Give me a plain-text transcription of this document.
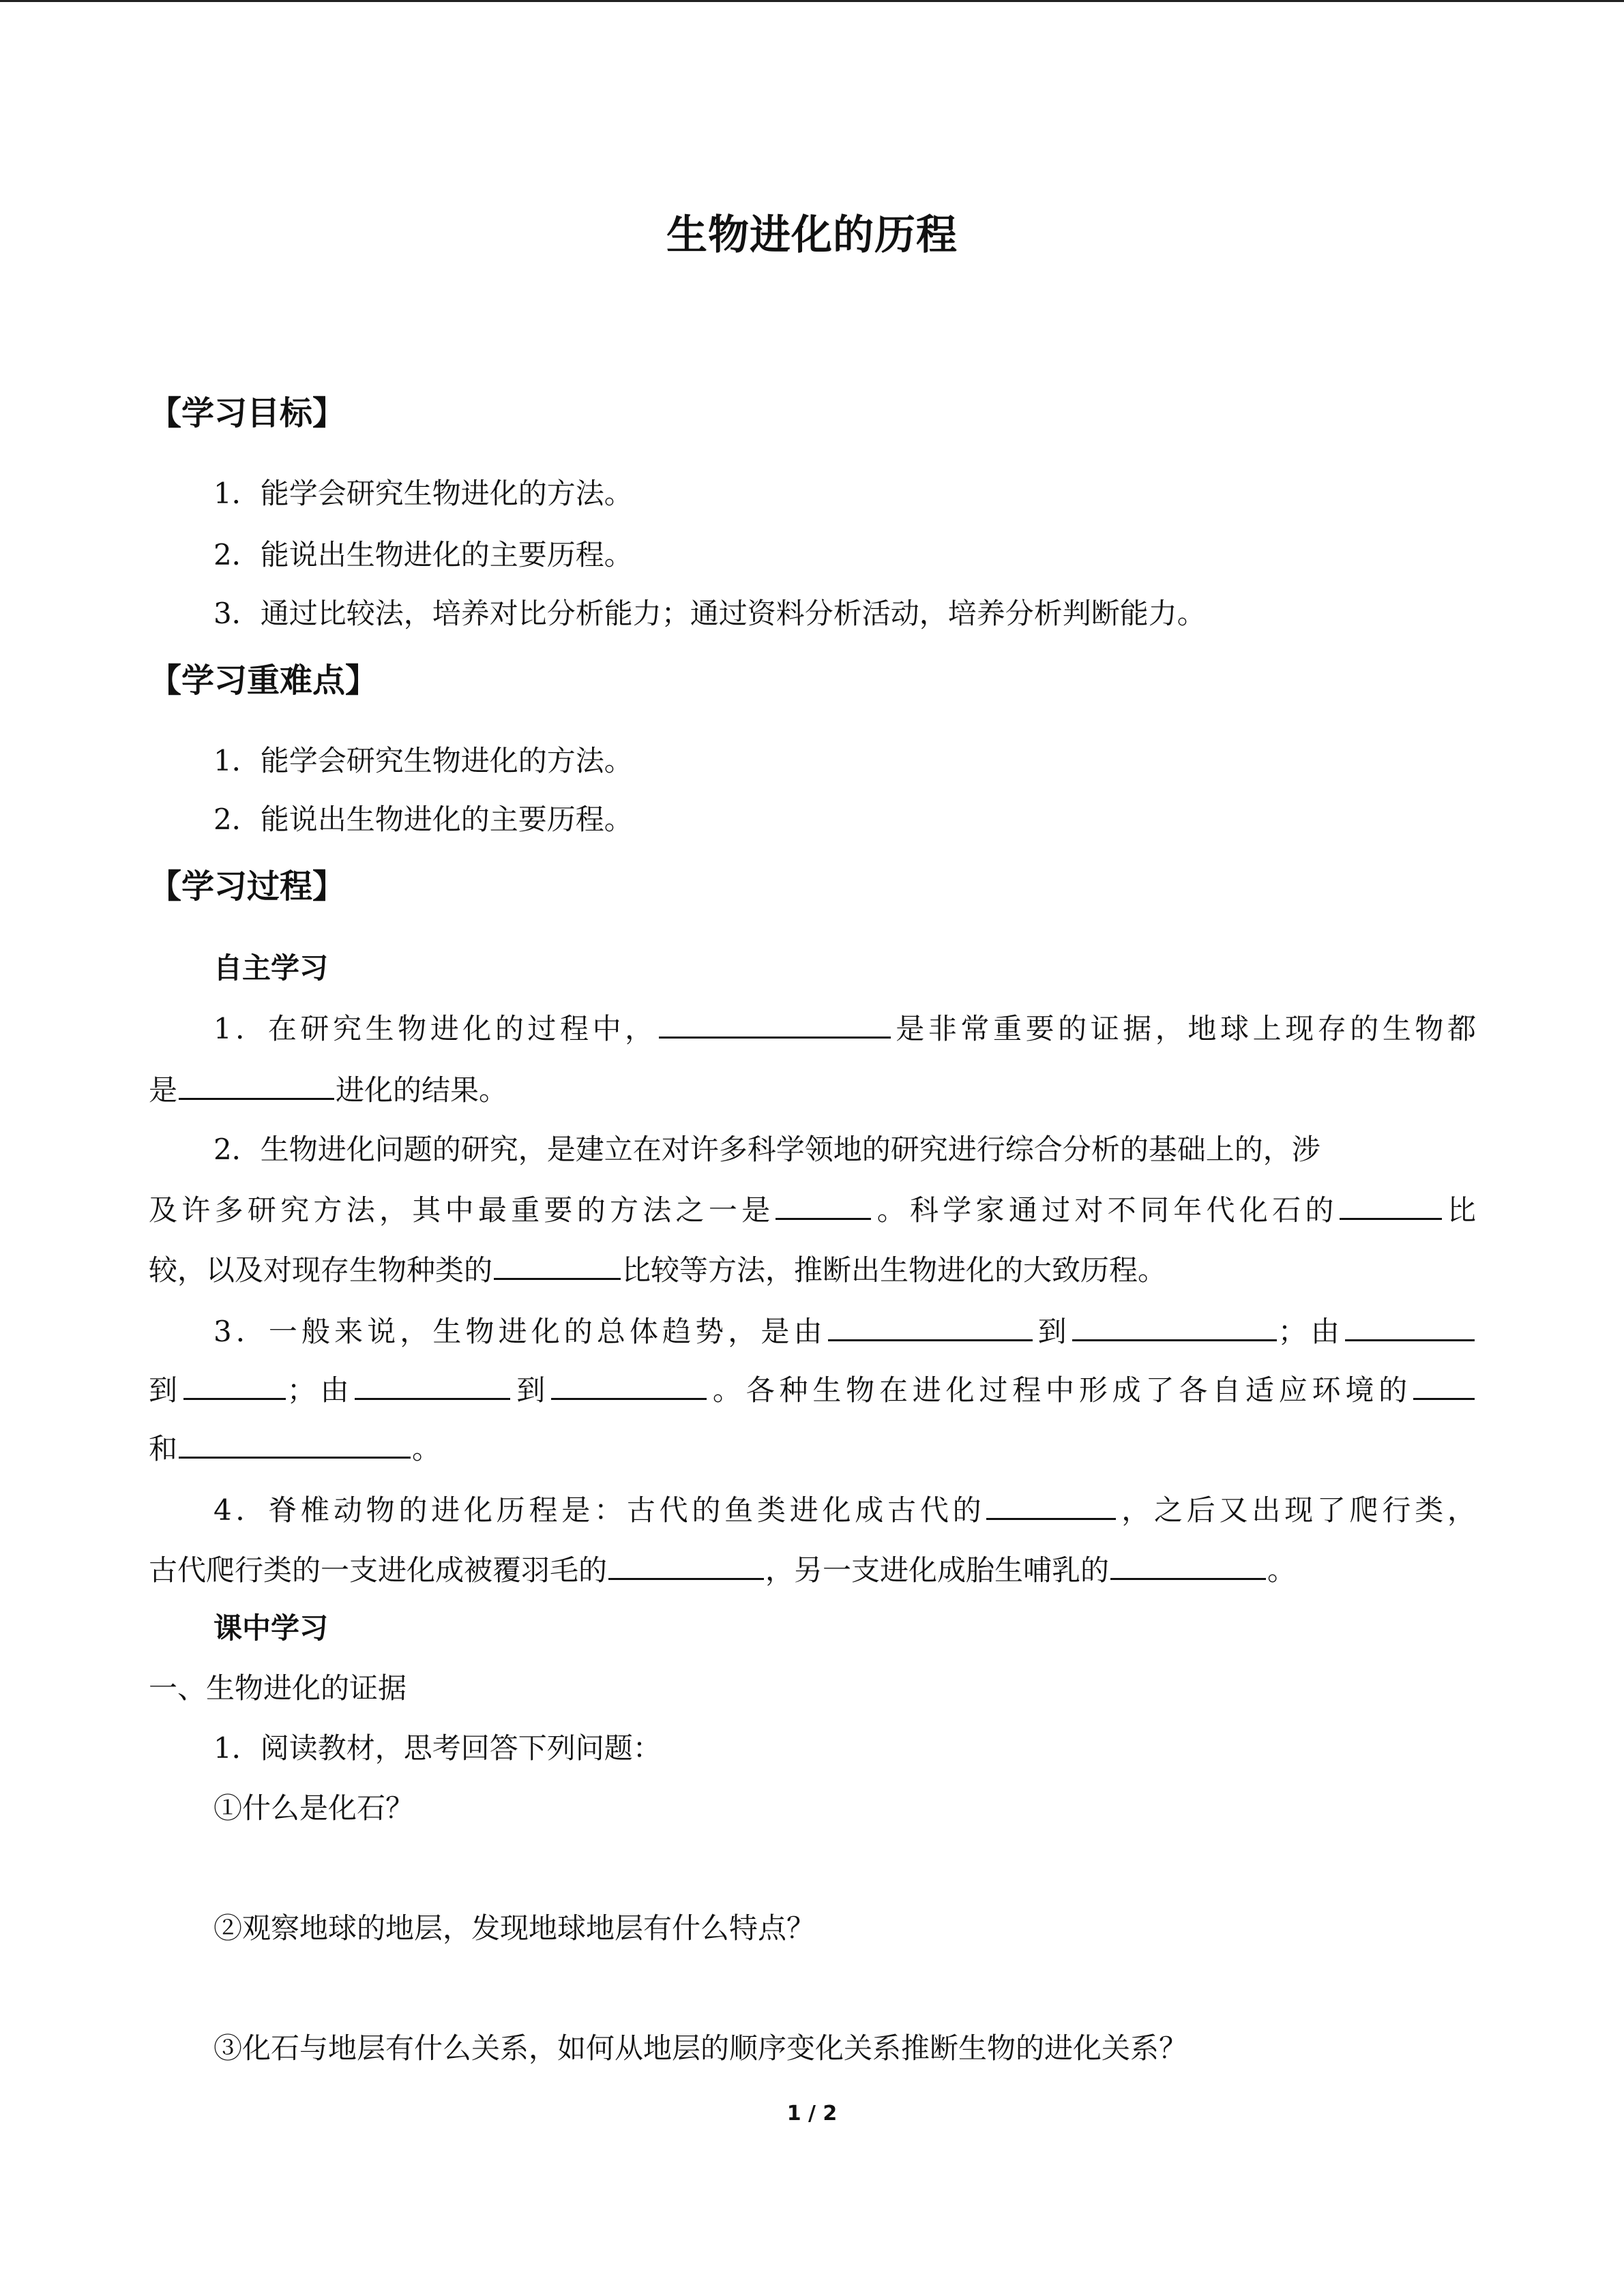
生物进化的历程
【学习目标】
1．能学会研究生物进化的方法。
2．能说出生物进化的主要历程。
3．通过比较法，培养对比分析能力；通过资料分析活动，培养分析判断能力。
【学习重难点】
1．能学会研究生物进化的方法。
2．能说出生物进化的主要历程。
【学习过程】
自主学习
1．在研究生物进化的过程中，	是非常重要的证据，地球上现存的生物都
是	进化的结果。
2．生物进化问题的研究，是建立在对许多科学领地的研究进行综合分析的基础上的，涉
及许多研究方法，其中最重要的方法之一是	。科学家通过对不同年代化石的	比
较，以及对现存生物种类的	比较等方法，推断出生物进化的大致历程。
3．一般来说，生物进化的总体趋势，是由	到	；由
到	；由	到	。各种生物在进化过程中形成了各自适应环境的
和	。
4．脊椎动物的进化历程是：古代的鱼类进化成古代的	，之后又出现了爬行类，
古代爬行类的一支进化成被覆羽毛的	，另一支进化成胎生哺乳的	。
课中学习
一、生物进化的证据
1．阅读教材，思考回答下列问题：
①什么是化石？
②观察地球的地层，发现地球地层有什么特点？
③化石与地层有什么关系，如何从地层的顺序变化关系推断生物的进化关系？
1 / 2
